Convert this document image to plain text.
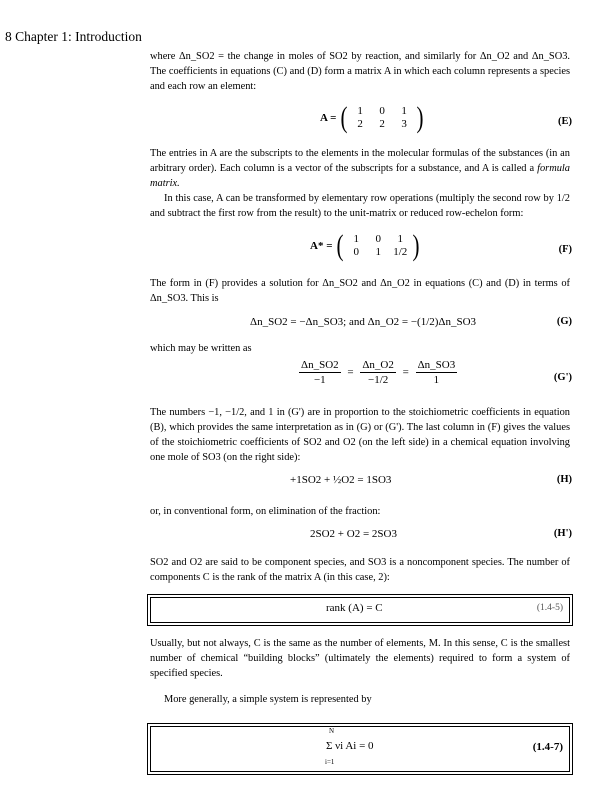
8 Chapter 1: Introduction

where Δn_SO2 = the change in moles of SO2 by reaction, and similarly for Δn_O2 and Δn_SO3. The coefficients in equations (C) and (D) form a matrix A in which each column represents a species and each row an element:

A = ( 1	0	1
2	2	3 )	(E)

The entries in A are the subscripts to the elements in the molecular formulas of the substances (in an arbitrary order). Each column is a vector of the subscripts for a substance, and A is called a formula matrix.

In this case, A can be transformed by elementary row operations (multiply the second row by 1/2 and subtract the first row from the result) to the unit-matrix or reduced row-echelon form:

A* = ( 1	0	1
0	1	1/2 )	(F)

The form in (F) provides a solution for Δn_SO2 and Δn_O2 in equations (C) and (D) in terms of Δn_SO3. This is

Δn_SO2 = −Δn_SO3; and Δn_O2 = −(1/2)Δn_SO3	(G)

which may be written as

$\frac{\Delta n\_SO2}{-1} = \frac{\Delta n\_O2}{-1/2} = \frac{\Delta n\_SO3}{1}$	(G')

The numbers −1, −1/2, and 1 in (G') are in proportion to the stoichiometric coefficients in equation (B), which provides the same interpretation as in (G) or (G'). The last column in (F) gives the values of the stoichiometric coefficients of SO2 and O2 (on the left side) in a chemical equation involving one mole of SO3 (on the right side):

+1SO2 + ½O2 = 1SO3	(H)

or, in conventional form, on elimination of the fraction:

2SO2 + O2 = 2SO3	(H')

SO2 and O2 are said to be component species, and SO3 is a noncomponent species. The number of components C is the rank of the matrix A (in this case, 2):

rank (A) = C	(1.4-5)

Usually, but not always, C is the same as the number of elements, M. In this sense, C is the smallest number of chemical “building blocks” (ultimately the elements) required to form a system of specified species.

More generally, a simple system is represented by

N
Σ νi Ai = 0
i=1
(1.4-7)
